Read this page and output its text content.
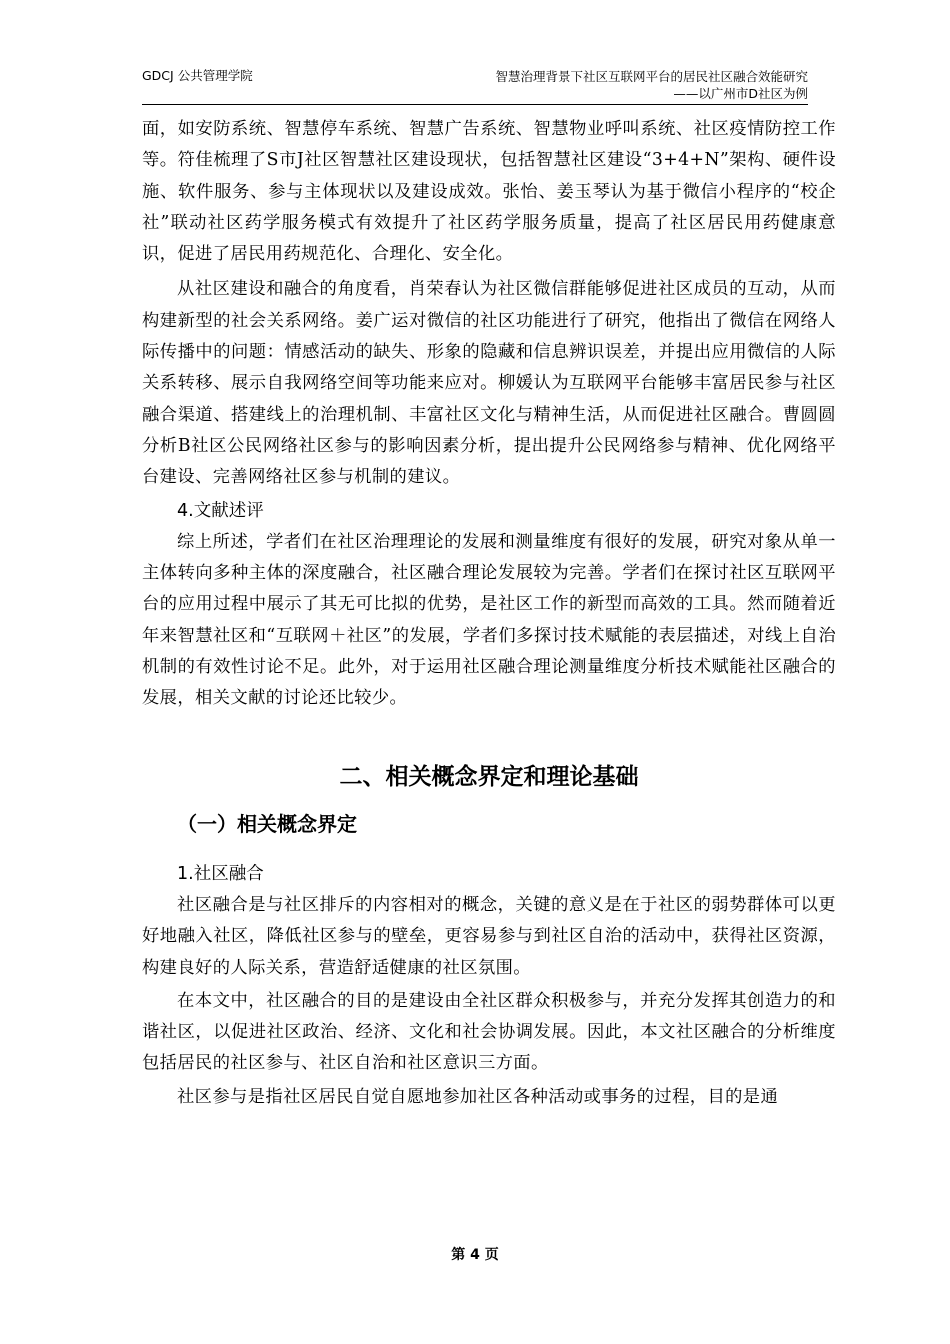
GDCJ 公共管理学院	智慧治理背景下社区互联网平台的居民社区融合效能研究
——以广州市D社区为例

面，如安防系统、智慧停车系统、智慧广告系统、智慧物业呼叫系统、社区疫情防控工作等。符佳梳理了S市J社区智慧社区建设现状，包括智慧社区建设“3+4+N”架构、硬件设施、软件服务、参与主体现状以及建设成效。张怡、姜玉琴认为基于微信小程序的“校企社”联动社区药学服务模式有效提升了社区药学服务质量，提高了社区居民用药健康意识，促进了居民用药规范化、合理化、安全化。

从社区建设和融合的角度看，肖荣春认为社区微信群能够促进社区成员的互动，从而构建新型的社会关系网络。姜广运对微信的社区功能进行了研究，他指出了微信在网络人际传播中的问题：情感活动的缺失、形象的隐藏和信息辨识误差，并提出应用微信的人际关系转移、展示自我网络空间等功能来应对。柳媛认为互联网平台能够丰富居民参与社区融合渠道、搭建线上的治理机制、丰富社区文化与精神生活，从而促进社区融合。曹圆圆分析B社区公民网络社区参与的影响因素分析，提出提升公民网络参与精神、优化网络平台建设、完善网络社区参与机制的建议。

4.文献述评

综上所述，学者们在社区治理理论的发展和测量维度有很好的发展，研究对象从单一主体转向多种主体的深度融合，社区融合理论发展较为完善。学者们在探讨社区互联网平台的应用过程中展示了其无可比拟的优势，是社区工作的新型而高效的工具。然而随着近年来智慧社区和“互联网＋社区”的发展，学者们多探讨技术赋能的表层描述，对线上自治机制的有效性讨论不足。此外，对于运用社区融合理论测量维度分析技术赋能社区融合的发展，相关文献的讨论还比较少。

二、相关概念界定和理论基础
（一）相关概念界定

1.社区融合

社区融合是与社区排斥的内容相对的概念，关键的意义是在于社区的弱势群体可以更好地融入社区，降低社区参与的壁垒，更容易参与到社区自治的活动中，获得社区资源，构建良好的人际关系，营造舒适健康的社区氛围。

在本文中，社区融合的目的是建设由全社区群众积极参与，并充分发挥其创造力的和谐社区，以促进社区政治、经济、文化和社会协调发展。因此，本文社区融合的分析维度包括居民的社区参与、社区自治和社区意识三方面。

社区参与是指社区居民自觉自愿地参加社区各种活动或事务的过程，目的是通

第 4 页
